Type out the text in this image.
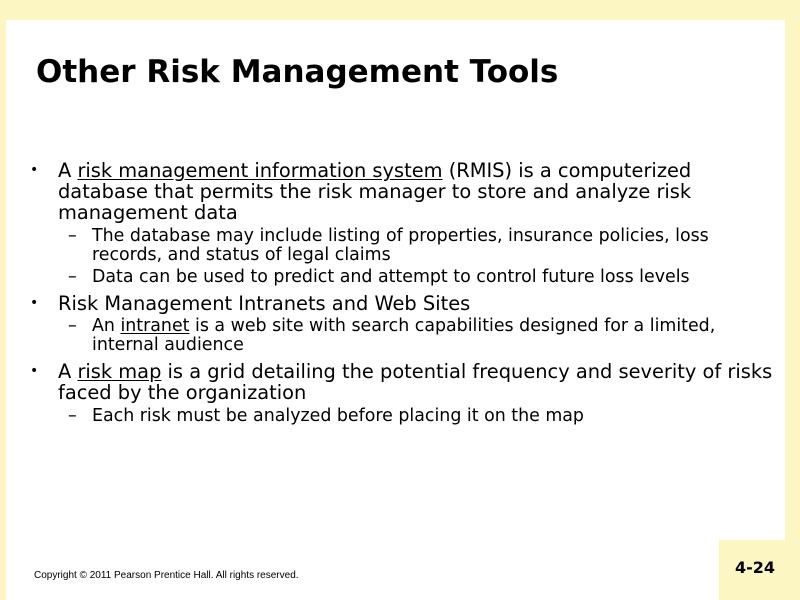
4-24
Other Risk Management Tools
• A risk management information system (RMIS) is a computerized database that permits the risk manager to store and analyze risk management data
– The database may include listing of properties, insurance policies, loss records, and status of legal claims
– Data can be used to predict and attempt to control future loss levels
• Risk Management Intranets and Web Sites
– An intranet is a web site with search capabilities designed for a limited, internal audience
• A risk map is a grid detailing the potential frequency and severity of risks faced by the organization
– Each risk must be analyzed before placing it on the map
Copyright © 2011 Pearson Prentice Hall. All rights reserved.
